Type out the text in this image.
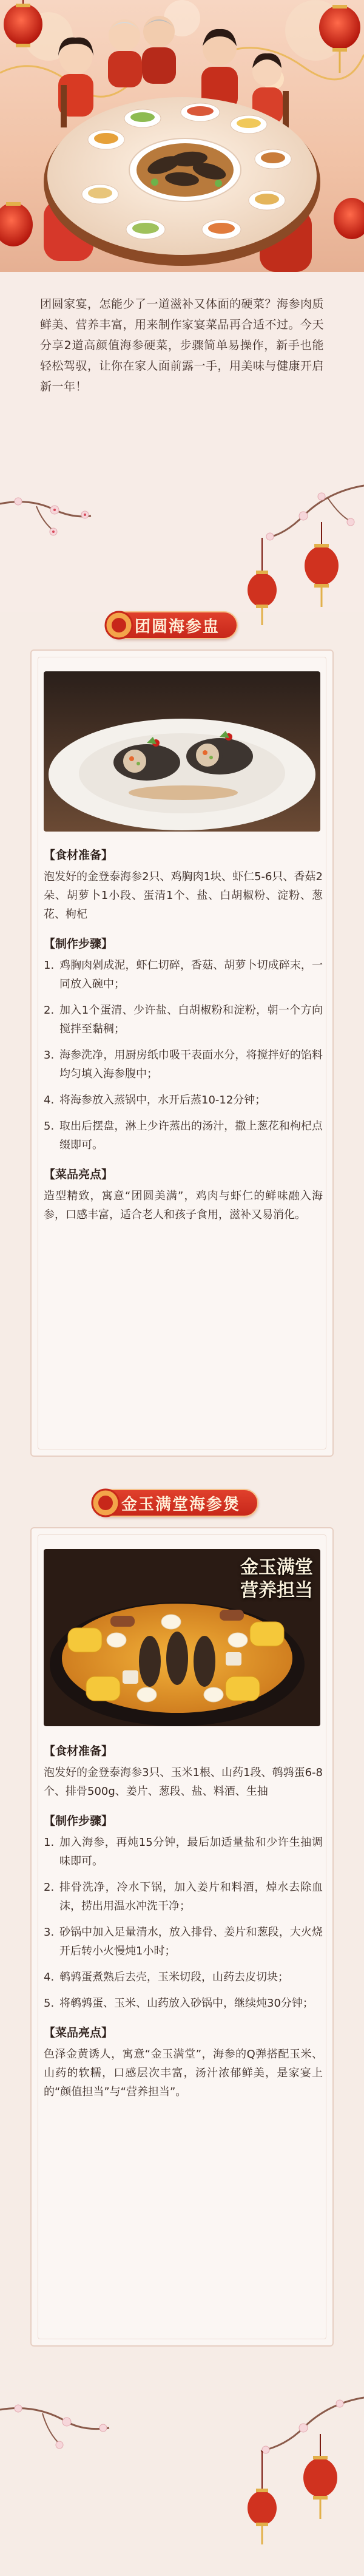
团圆家宴，怎能少了一道滋补又体面的硬菜？海参肉质鲜美、营养丰富，用来制作家宴菜品再合适不过。今天分享2道高颜值海参硬菜，步骤简单易操作，新手也能轻松驾驭，让你在家人面前露一手，用美味与健康开启新一年！

团圆海参盅
【食材准备】

泡发好的金登泰海参2只、鸡胸肉1块、虾仁5-6只、香菇2朵、胡萝卜1小段、蛋清1个、盐、白胡椒粉、淀粉、葱花、枸杞

【制作步骤】
1. 鸡胸肉剁成泥，虾仁切碎，香菇、胡萝卜切成碎末，一同放入碗中；
2. 加入1个蛋清、少许盐、白胡椒粉和淀粉，朝一个方向搅拌至黏稠；
3. 海参洗净，用厨房纸巾吸干表面水分，将搅拌好的馅料均匀填入海参腹中；
4. 将海参放入蒸锅中，水开后蒸10-12分钟；
5. 取出后摆盘，淋上少许蒸出的汤汁，撒上葱花和枸杞点缀即可。
【菜品亮点】

造型精致，寓意“团圆美满”，鸡肉与虾仁的鲜味融入海参，口感丰富，适合老人和孩子食用，滋补又易消化。

金玉满堂海参煲
金玉满堂
营养担当
【食材准备】

泡发好的金登泰海参3只、玉米1根、山药1段、鹌鹑蛋6-8个、排骨500g、姜片、葱段、盐、料酒、生抽

【制作步骤】
1. 加入海参，再炖15分钟，最后加适量盐和少许生抽调味即可。
2. 排骨洗净，冷水下锅，加入姜片和料酒，焯水去除血沫，捞出用温水冲洗干净；
3. 砂锅中加入足量清水，放入排骨、姜片和葱段，大火烧开后转小火慢炖1小时；
4. 鹌鹑蛋煮熟后去壳，玉米切段，山药去皮切块；
5. 将鹌鹑蛋、玉米、山药放入砂锅中，继续炖30分钟；
【菜品亮点】

色泽金黄诱人，寓意“金玉满堂”，海参的Q弹搭配玉米、山药的软糯，口感层次丰富，汤汁浓郁鲜美，是家宴上的“颜值担当”与“营养担当”。
